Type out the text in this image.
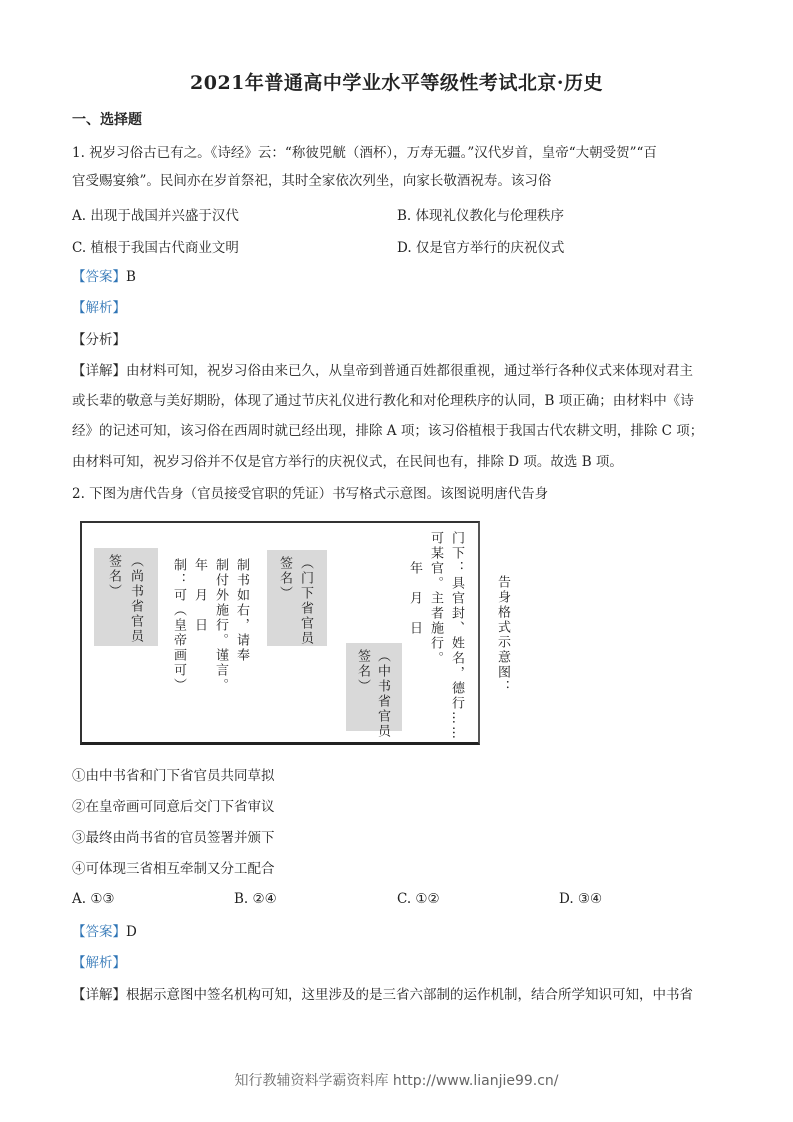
2021年普通高中学业水平等级性考试北京·历史
一、选择题
1. 祝岁习俗古已有之。《诗经》云：“称彼兕觥（酒杯），万寿无疆。”汉代岁首，皇帝“大朝受贺”“百
官受赐宴飨”。民间亦在岁首祭祀，其时全家依次列坐，向家长敬酒祝寿。该习俗
A. 出现于战国并兴盛于汉代	B. 体现礼仪教化与伦理秩序
C. 植根于我国古代商业文明	D. 仅是官方举行的庆祝仪式
【答案】B
【解析】
【分析】
【详解】由材料可知，祝岁习俗由来已久，从皇帝到普通百姓都很重视，通过举行各种仪式来体现对君主
或长辈的敬意与美好期盼，体现了通过节庆礼仪进行教化和对伦理秩序的认同，B 项正确；由材料中《诗
经》的记述可知，该习俗在西周时就已经出现，排除 A 项；该习俗植根于我国古代农耕文明，排除 C 项；
由材料可知，祝岁习俗并不仅是官方举行的庆祝仪式，在民间也有，排除 D 项。故选 B 项。
2. 下图为唐代告身（官员接受官职的凭证）书写格式示意图。该图说明唐代告身
门下：具官封、姓名，德行……
可某官。主者施行。
年　月　日
（中书省官员
签名）
（门下省官员
签名）
制书如右，请奉
制付外施行。谨言。
年　月　日
制：可（皇帝画可）
（尚书省官员
签名）	告身格式示意图：
①由中书省和门下省官员共同草拟
②在皇帝画可同意后交门下省审议
③最终由尚书省的官员签署并颁下
④可体现三省相互牵制又分工配合
A. ①③	B. ②④	C. ①②	D. ③④
【答案】D
【解析】
【详解】根据示意图中签名机构可知，这里涉及的是三省六部制的运作机制，结合所学知识可知，中书省
知行教辅资料学霸资料库 http://www.lianjie99.cn/
